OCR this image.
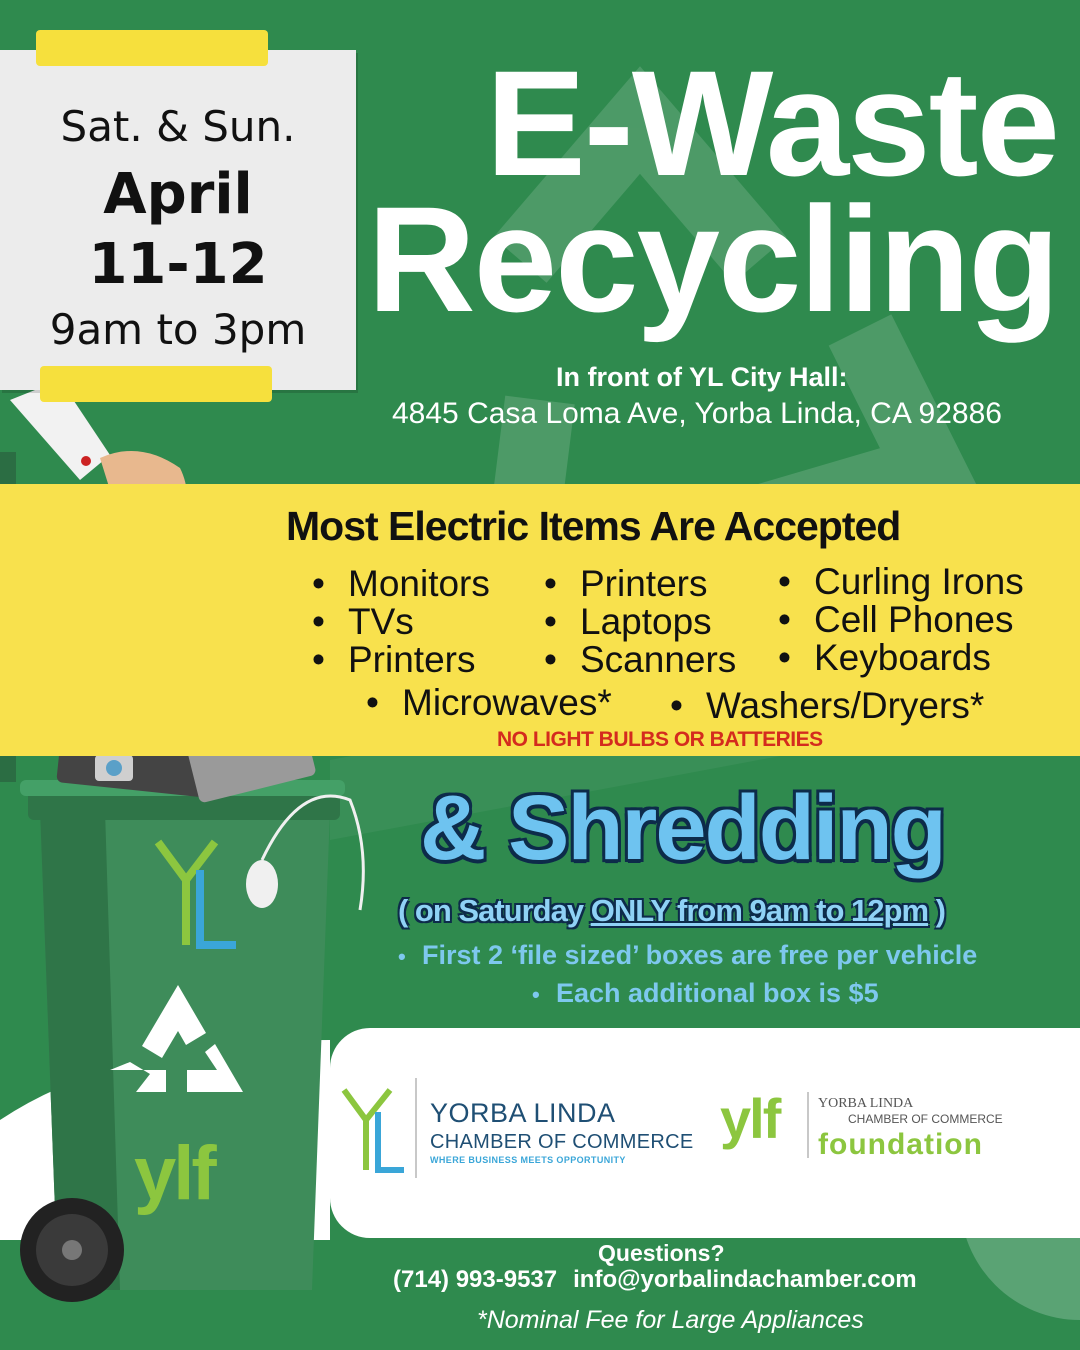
Sat. & Sun.
April
11-12
9am to 3pm
E-Waste
Recycling
In front of YL City Hall:
4845 Casa Loma Ave, Yorba Linda, CA 92886
Most Electric Items Are Accepted
• Monitors
• TVs
• Printers
• Printers
• Laptops
• Scanners
• Curling Irons
• Cell Phones
• Keyboards
• Microwaves*
•	Washers/Dryers*
NO LIGHT BULBS OR BATTERIES
& Shredding
( on Saturday ONLY from 9am to 12pm )
• First 2 ‘file sized’ boxes are free per vehicle
• Each additional box is $5
ylf
YORBA LINDA
CHAMBER OF COMMERCE
WHERE BUSINESS MEETS OPPORTUNITY
ylf	YORBA LINDA
CHAMBER OF COMMERCE
foundation
Questions?
(714) 993-9537 info@yorbalindachamber.com
*Nominal Fee for Large Appliances
